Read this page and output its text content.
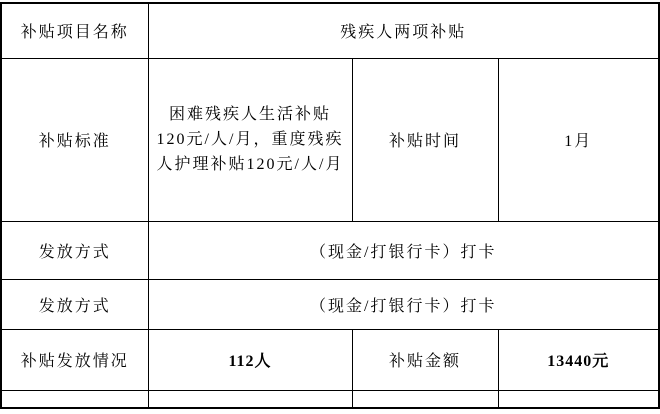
补贴项目名称	残疾人两项补贴		
补贴标准	困难残疾人生活补贴120元/人/月，重度残疾人护理补贴120元/人/月	补贴时间	1月
发放方式	（现金/打银行卡）打卡		
发放方式	（现金/打银行卡）打卡		
补贴发放情况	112人	补贴金额	13440元
